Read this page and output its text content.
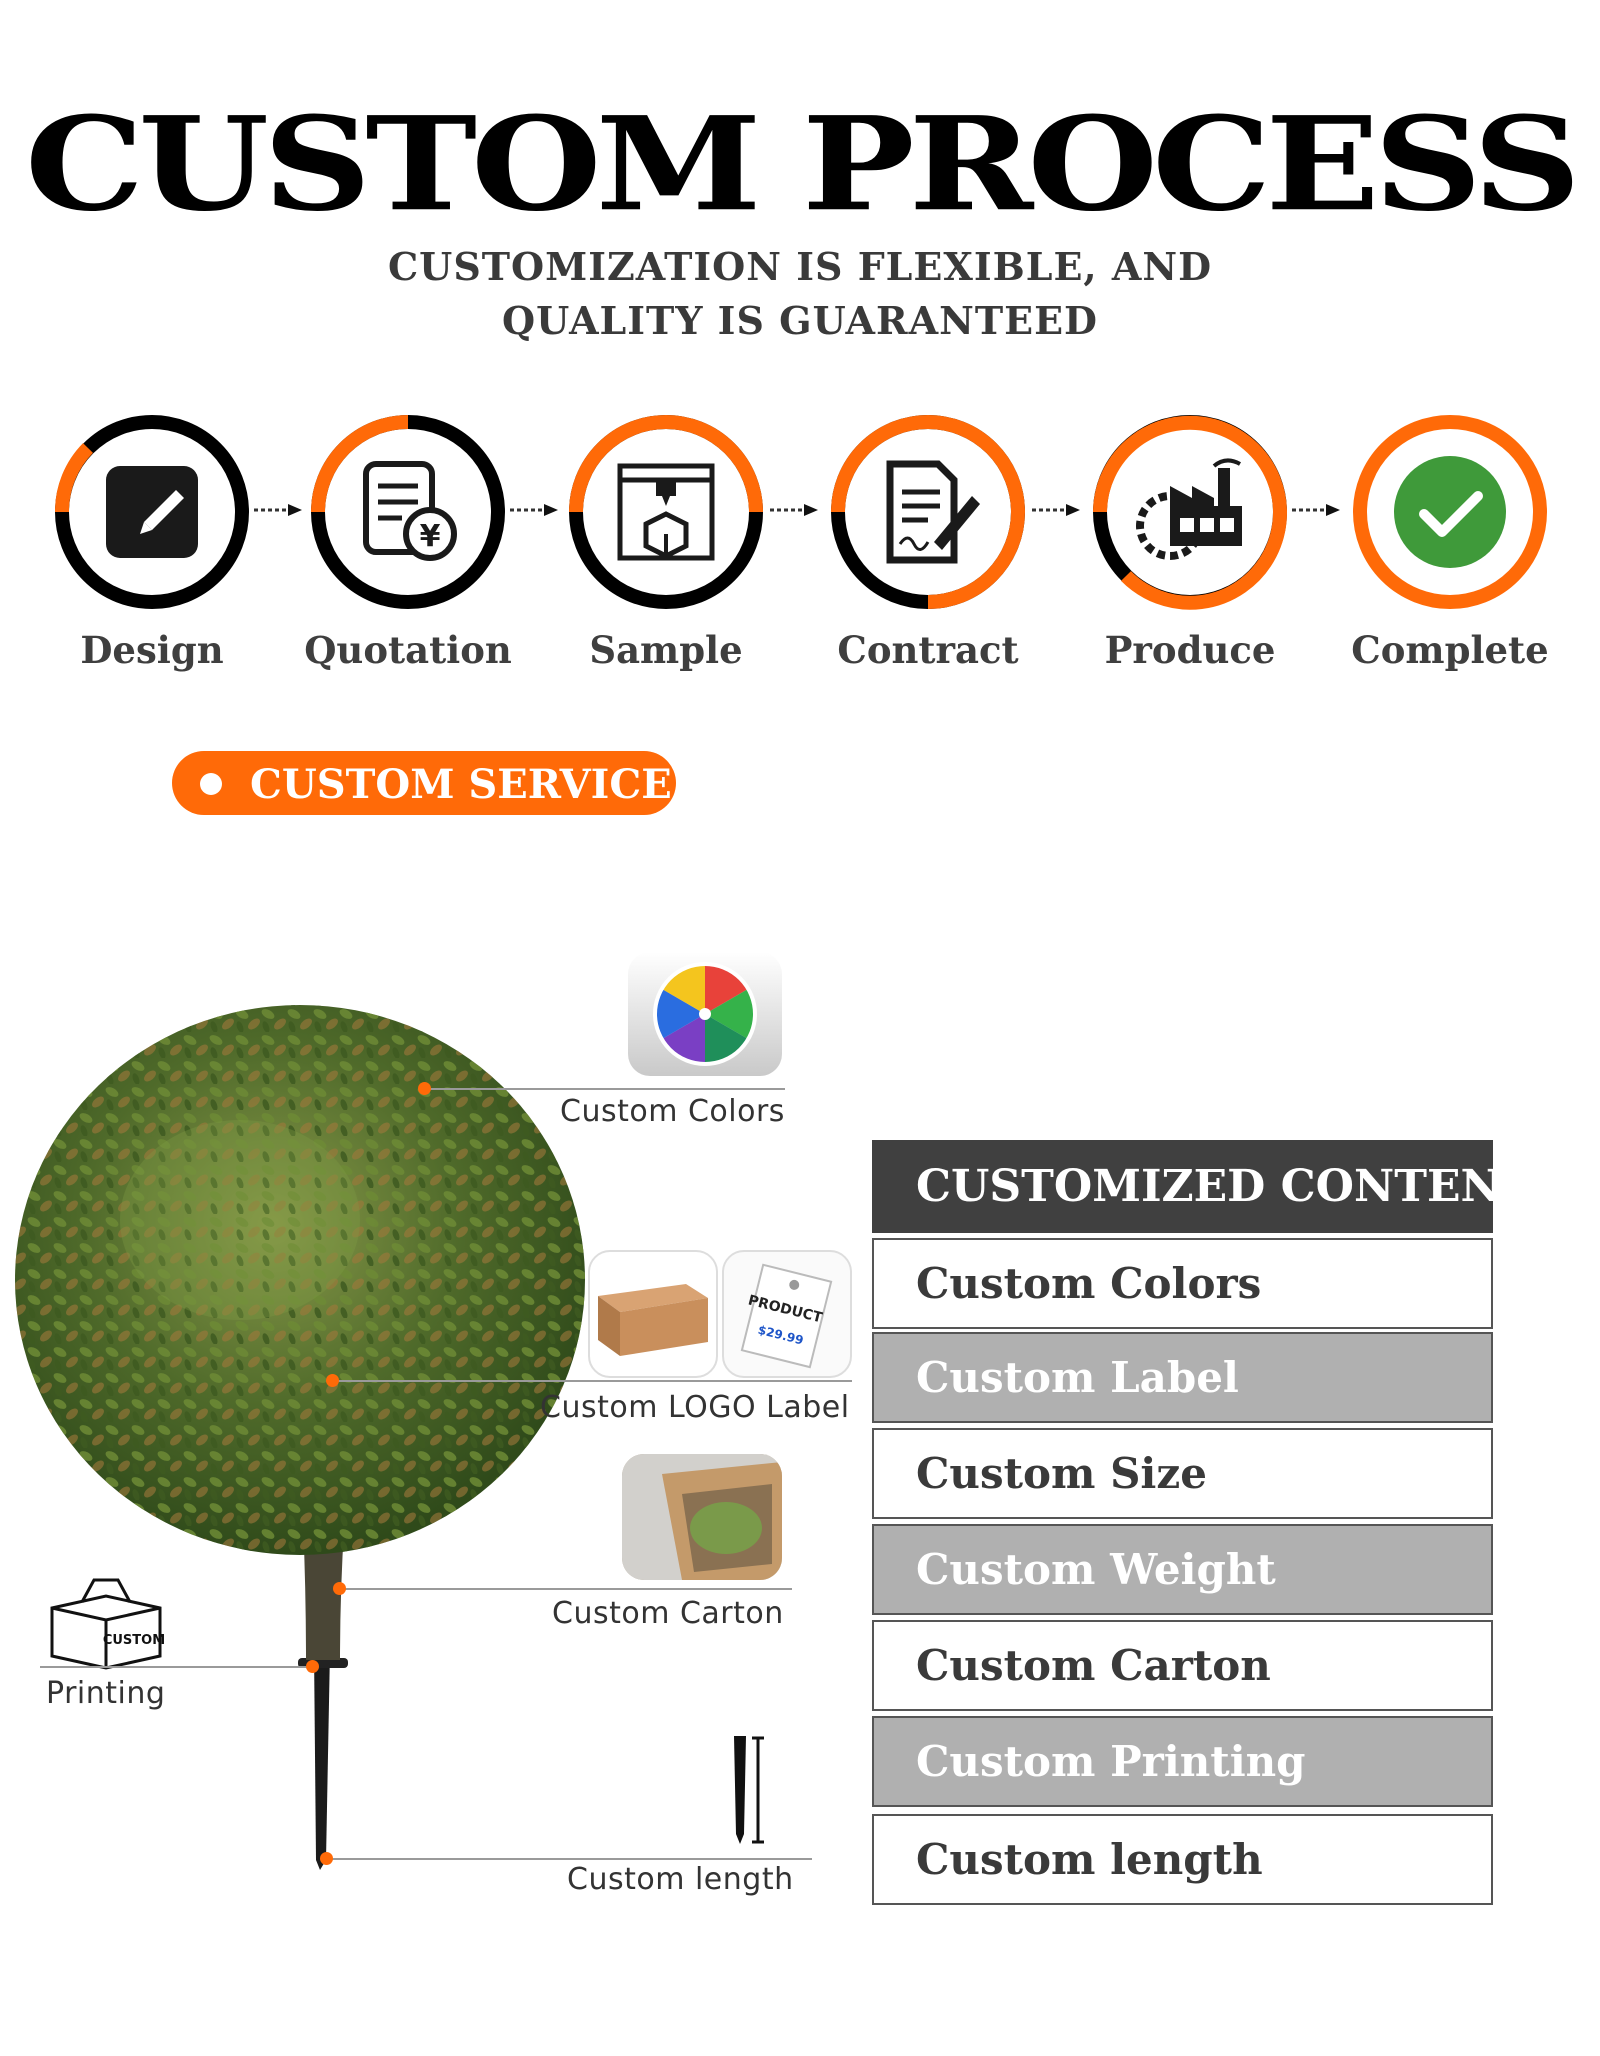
CUSTOM PROCESS
CUSTOMIZATION IS FLEXIBLE, AND QUALITY IS GUARANTEED
Design
¥
Quotation	Sample	Contract	Produce	Complete
CUSTOM SERVICE
Custom Colors
PRODUCT
$29.99
Custom LOGO Label
Custom Carton
CUSTOM
Printing
Custom length
CUSTOMIZED CONTENT
Custom Colors
Custom Label
Custom Size
Custom Weight
Custom Carton
Custom Printing
Custom length
